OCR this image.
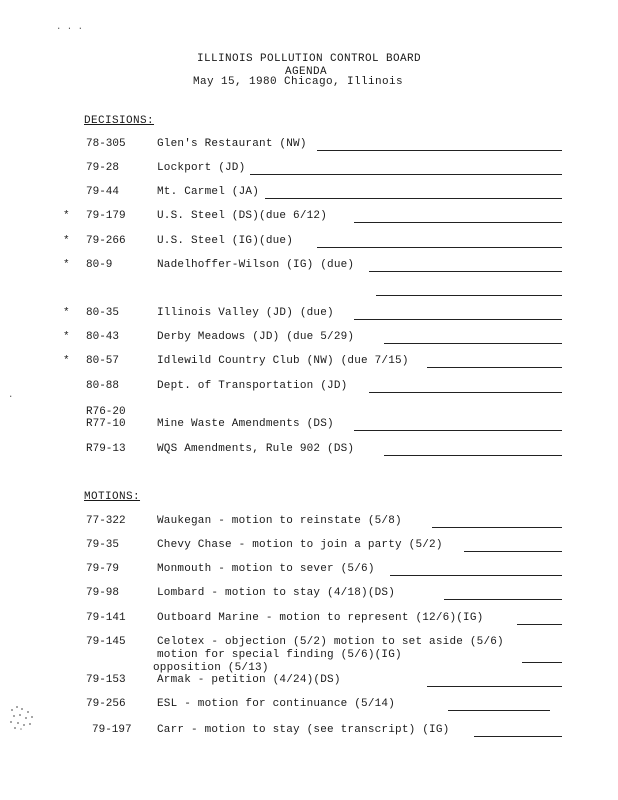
. . .
.
ILLINOIS POLLUTION CONTROL BOARD
AGENDA
May 15, 1980 Chicago, Illinois
DECISIONS:
78-305	Glen's Restaurant (NW)
79-28	Lockport (JD)
79-44	Mt. Carmel (JA)
* 79-179	U.S. Steel (DS)(due 6/12)
* 79-266	U.S. Steel (IG)(due)
* 80-9	Nadelhoffer-Wilson (IG) (due)
* 80-35	Illinois Valley (JD) (due)
* 80-43	Derby Meadows (JD) (due 5/29)
* 80-57	Idlewild Country Club (NW) (due 7/15)
80-88	Dept. of Transportation (JD)
R76-20
R77-10	Mine Waste Amendments (DS)
R79-13	WQS Amendments, Rule 902 (DS)
MOTIONS:
77-322	Waukegan - motion to reinstate (5/8)
79-35	Chevy Chase - motion to join a party (5/2)
79-79	Monmouth - motion to sever (5/6)
79-98	Lombard - motion to stay (4/18)(DS)
79-141	Outboard Marine - motion to represent (12/6)(IG)
79-145	Celotex - objection (5/2) motion to set aside (5/6)
motion for special finding (5/6)(IG)
opposition (5/13)
79-153	Armak - petition (4/24)(DS)
79-256	ESL - motion for continuance (5/14)
79-197 Carr - motion to stay (see transcript) (IG)
